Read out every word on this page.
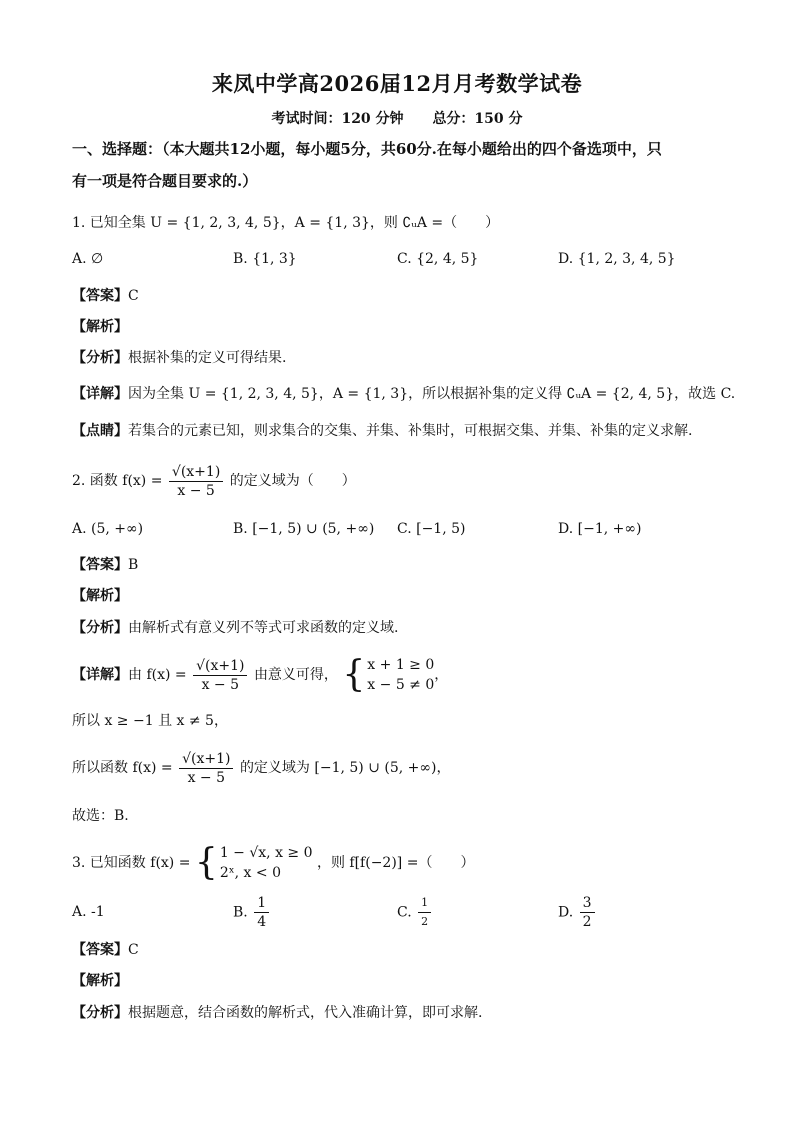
来凤中学高2026届12月月考数学试卷
考试时间：120 分钟 总分：150 分
一、选择题：（本大题共12小题，每小题5分，共60分.在每小题给出的四个备选项中，只
有一项是符合题目要求的.）
1. 已知全集 U = {1, 2, 3, 4, 5}，A = {1, 3}，则 ∁ᵤA =（　　）
A. ∅	B. {1, 3}	C. {2, 4, 5}	D. {1, 2, 3, 4, 5}
【答案】C
【解析】
【分析】根据补集的定义可得结果.
【详解】因为全集 U = {1, 2, 3, 4, 5}，A = {1, 3}，所以根据补集的定义得 ∁ᵤA = {2, 4, 5}，故选 C.
【点睛】若集合的元素已知，则求集合的交集、并集、补集时，可根据交集、并集、补集的定义求解.
2. 函数 $f(x) = \frac{√(x+1)}{x - 5}$ 的定义域为（　　）
A. (5, +∞)	B. [−1, 5) ∪ (5, +∞) C. [−1, 5)	D. [−1, +∞)
【答案】B
【解析】
【分析】由解析式有意义列不等式可求函数的定义域.
【详解】由 $f(x) = \frac{√(x+1)}{x - 5}$ 由意义可得， { x + 1 ≥ 0
x − 5 ≠ 0
，
所以 x ≥ −1 且 x ≠ 5，
所以函数 $f(x) = \frac{√(x+1)}{x - 5}$ 的定义域为 [−1, 5) ∪ (5, +∞)，
故选：B.
3. 已知函数 f(x) = { 1 − √x, x ≥ 0
2ˣ, x < 0
，则 f[f(−2)] =（　　）
A. -1	B. $\frac{1}{4}$	C. $\frac{1}{2}$	D. $\frac{3}{2}$
【答案】C
【解析】
【分析】根据题意，结合函数的解析式，代入准确计算，即可求解.
